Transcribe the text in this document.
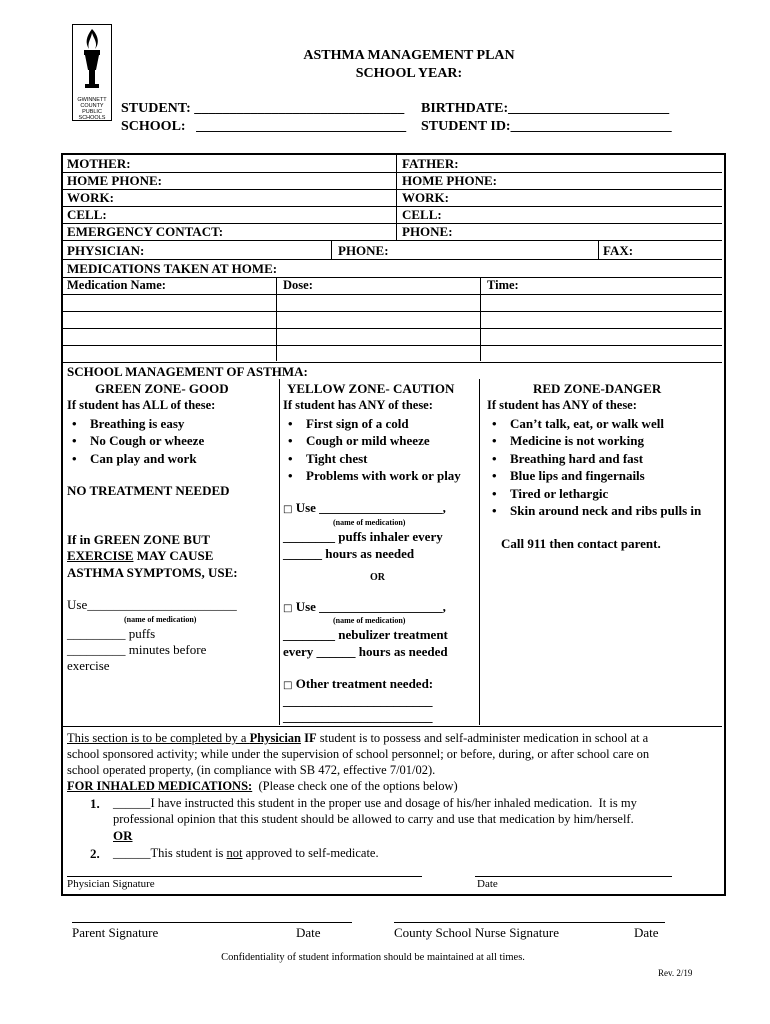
GWINNETT
COUNTY
PUBLIC
SCHOOLS
ASTHMA MANAGEMENT PLAN
SCHOOL YEAR:
STUDENT: ______________________________ BIRTHDATE:_______________________
SCHOOL:   ______________________________ STUDENT ID:_______________________
MOTHER:	FATHER:
HOME PHONE:	HOME PHONE:
WORK:	WORK:
CELL:	CELL:
EMERGENCY CONTACT:	PHONE:
PHYSICIAN:	PHONE:	FAX:
MEDICATIONS TAKEN AT HOME:
Medication Name:	Dose:	Time:
SCHOOL MANAGEMENT OF ASTHMA:
GREEN ZONE- GOOD
If student has ALL of these:
• Breathing is easy
• No Cough or wheeze
• Can play and work
NO TREATMENT NEEDED
If in GREEN ZONE BUT
EXERCISE MAY CAUSE
ASTHMA SYMPTOMS, USE:
Use_______________________
(name of medication)
_________ puffs
_________ minutes before
exercise
YELLOW ZONE- CAUTION
If student has ANY of these:
• First sign of a cold
• Cough or mild wheeze
• Tight chest
• Problems with work or play
□ Use ___________________,
(name of medication)
________ puffs inhaler every
______ hours as needed
OR
□ Use ___________________,
(name of medication)
________ nebulizer treatment
every ______ hours as needed
□ Other treatment needed:
_______________________
_______________________
RED ZONE-DANGER
If student has ANY of these:
• Can’t talk, eat, or walk well
• Medicine is not working
• Breathing hard and fast
• Blue lips and fingernails
• Tired or lethargic
• Skin around neck and ribs pulls in
Call 911 then contact parent.
This section is to be completed by a Physician IF student is to possess and self-administer medication in school at a
school sponsored activity; while under the supervision of school personnel; or before, during, or after school care on
school operated property, (in compliance with SB 472, effective 7/01/02).
FOR INHALED MEDICATIONS:  (Please check one of the options below)
1. ______I have instructed this student in the proper use and dosage of his/her inhaled medication.  It is my
professional opinion that this student should be allowed to carry and use that medication by him/herself.
OR
2. ______This student is not approved to self-medicate.
Physician Signature	Date
Parent Signature	Date	County School Nurse Signature	Date
Confidentiality of student information should be maintained at all times.
Rev. 2/19
